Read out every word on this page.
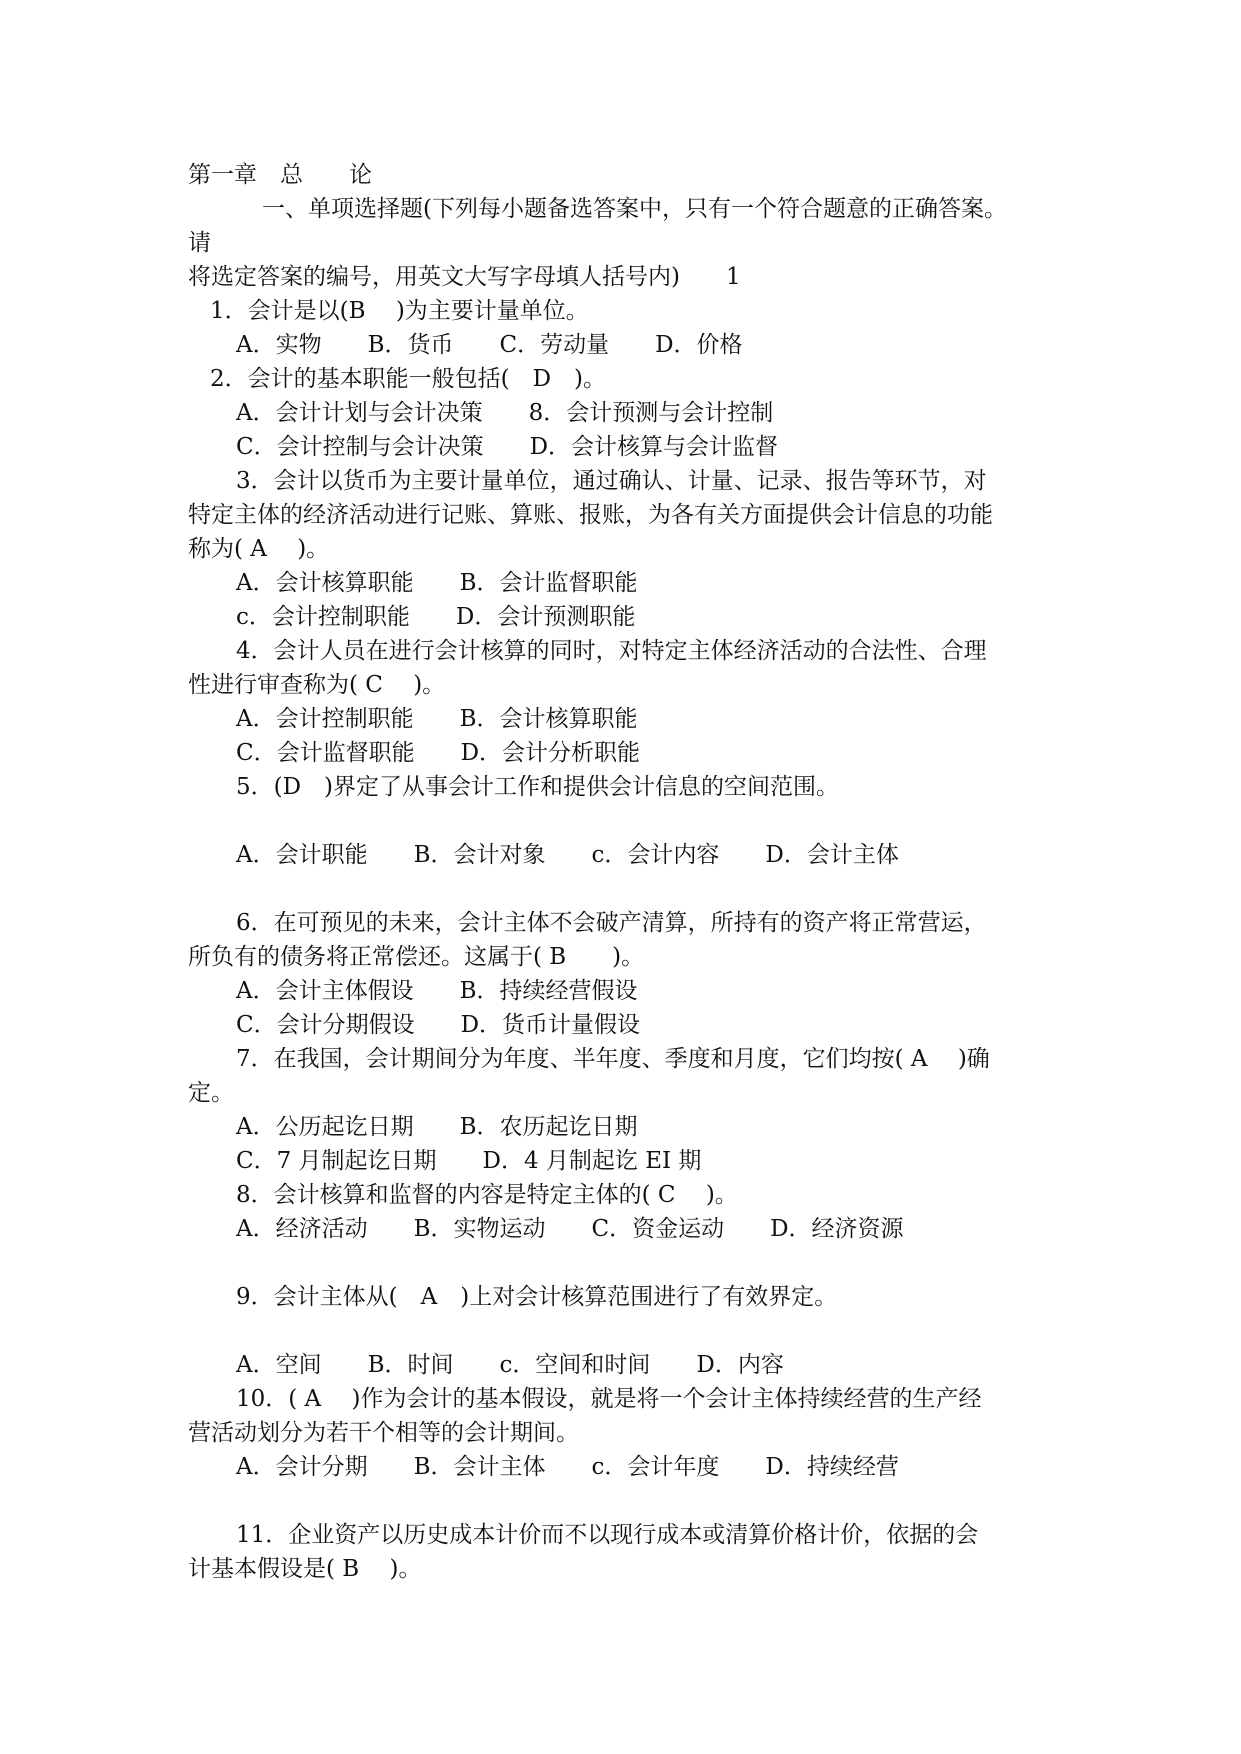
第一章　总　　论
一、单项选择题(下列每小题备选答案中，只有一个符合题意的正确答案。
请
将选定答案的编号，用英文大写字母填人括号内)　　1
1．会计是以(B　 )为主要计量单位。
A．实物　　B．货币　　C．劳动量　　D．价格
2．会计的基本职能一般包括(　D　)。
A．会计计划与会计决策　　8．会计预测与会计控制
C．会计控制与会计决策　　D．会计核算与会计监督
3．会计以货币为主要计量单位，通过确认、计量、记录、报告等环节，对
特定主体的经济活动进行记账、算账、报账，为各有关方面提供会计信息的功能
称为( A　 )。
A．会计核算职能　　B．会计监督职能
c．会计控制职能　　D．会计预测职能
4．会计人员在进行会计核算的同时，对特定主体经济活动的合法性、合理
性进行审查称为( C　 )。
A．会计控制职能　　B．会计核算职能
C．会计监督职能　　D．会计分析职能
5．(D　)界定了从事会计工作和提供会计信息的空间范围。
A．会计职能　　B．会计对象　　c．会计内容　　D．会计主体
6．在可预见的未来，会计主体不会破产清算，所持有的资产将正常营运，
所负有的债务将正常偿还。这属于( B　　)。
A．会计主体假设　　B．持续经营假设
C．会计分期假设　　D．货币计量假设
7．在我国，会计期间分为年度、半年度、季度和月度，它们均按( A　 )确
定。
A．公历起讫日期　　B．农历起讫日期
C．7 月制起讫日期　　D．4 月制起讫 EI 期
8．会计核算和监督的内容是特定主体的( C　 )。
A．经济活动　　B．实物运动　　C．资金运动　　D．经济资源
9．会计主体从(　A　)上对会计核算范围进行了有效界定。
A．空间　　B．时间　　c．空间和时间　　D．内容
10．( A　 )作为会计的基本假设，就是将一个会计主体持续经营的生产经
营活动划分为若干个相等的会计期间。
A．会计分期　　B．会计主体　　c．会计年度　　D．持续经营
11．企业资产以历史成本计价而不以现行成本或清算价格计价，依据的会
计基本假设是( B　 )。
